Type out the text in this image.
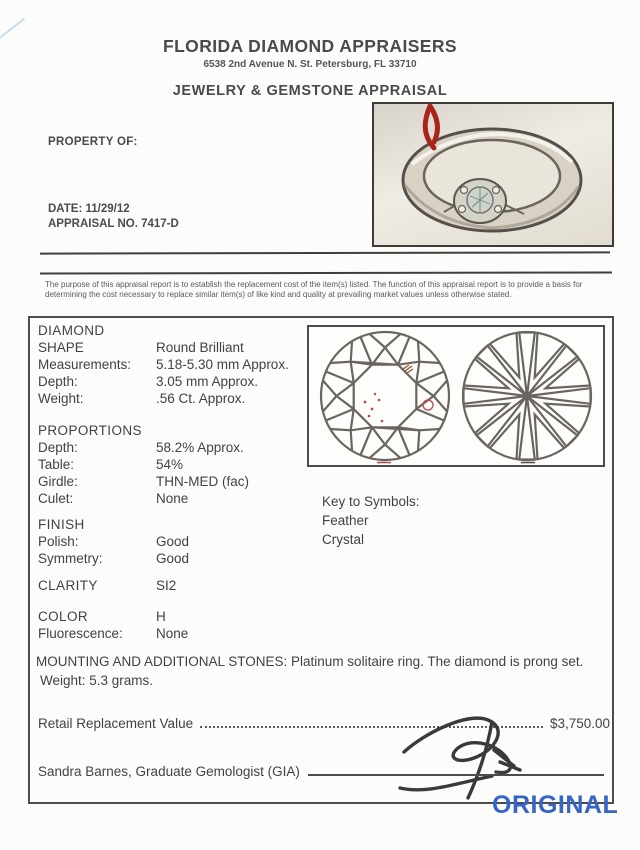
FLORIDA DIAMOND APPRAISERS
6538 2nd Avenue N. St. Petersburg, FL 33710
JEWELRY & GEMSTONE APPRAISAL
PROPERTY OF:
DATE: 11/29/12
APPRAISAL NO. 7417-D
The purpose of this appraisal report is to establish the replacement cost of the item(s) listed. The function of this appraisal report is to provide a basis for determining the cost necessary to replace similar item(s) of like kind and quality at prevailing market values unless otherwise stated.
DIAMOND
SHAPE	Round Brilliant
Measurements:	5.18-5.30 mm Approx.
Depth:	3.05 mm Approx.
Weight:	.56 Ct. Approx.
PROPORTIONS
Depth:	58.2% Approx.
Table:	54%
Girdle:	THN-MED (fac)
Culet:	None
FINISH
Polish:	Good
Symmetry:	Good
CLARITY	SI2
COLOR	H
Fluorescence:	None
Key to Symbols:
Feather
Crystal
MOUNTING AND ADDITIONAL STONES: Platinum solitaire ring. The diamond is prong set.
Weight: 5.3 grams.
Retail Replacement Value	$3,750.00
Sandra Barnes, Graduate Gemologist (GIA)
ORIGINAL
